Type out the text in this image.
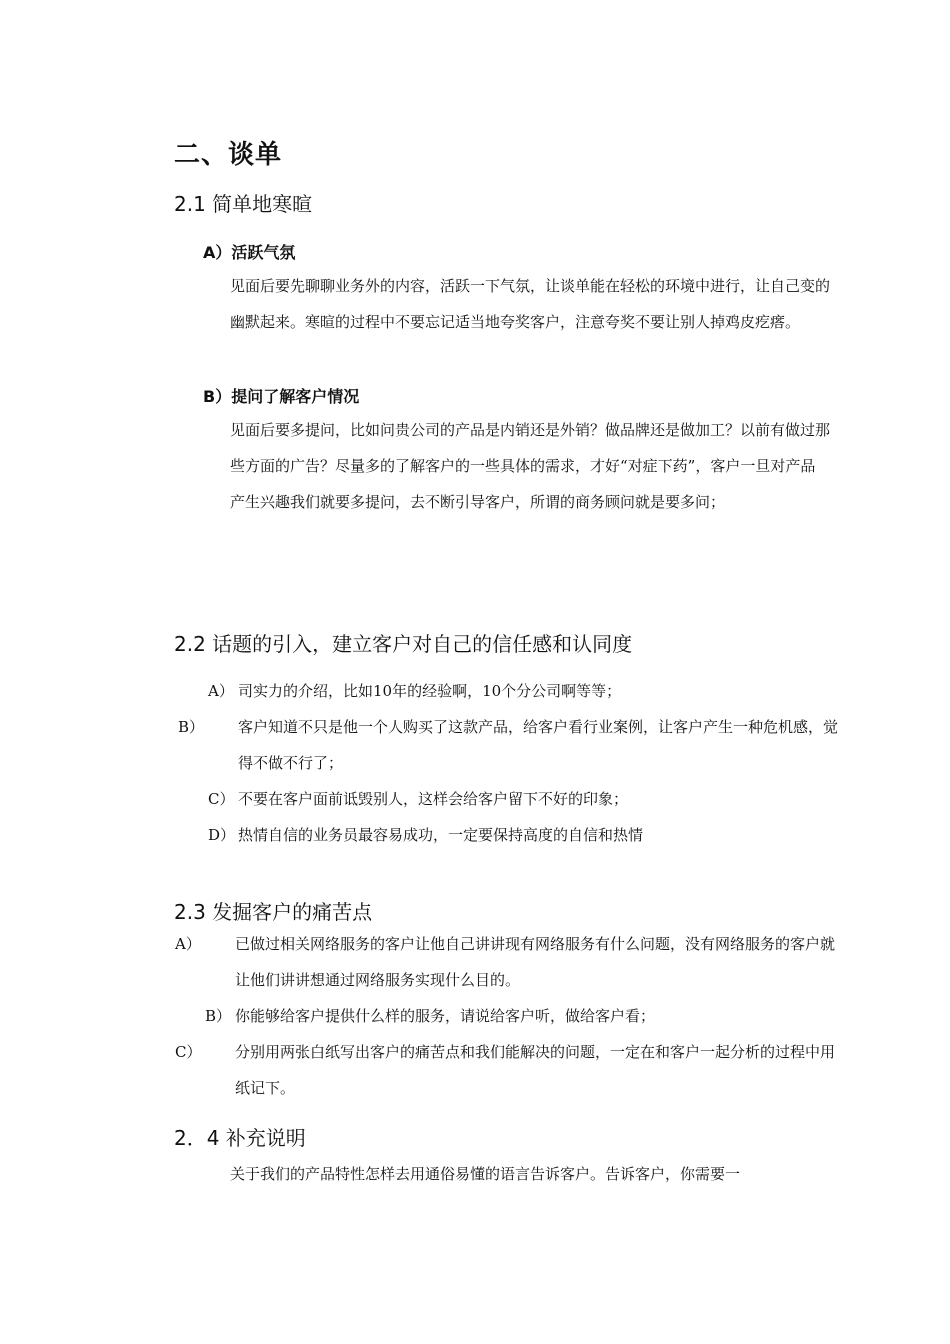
二、谈单
2.1 简单地寒暄
A）活跃气氛

见面后要先聊聊业务外的内容，活跃一下气氛，让谈单能在轻松的环境中进行，让自己变的幽默起来。寒暄的过程中不要忘记适当地夸奖客户，注意夸奖不要让别人掉鸡皮疙瘩。

B）提问了解客户情况

见面后要多提问，比如问贵公司的产品是内销还是外销？做品牌还是做加工？以前有做过那些方面的广告？尽量多的了解客户的一些具体的需求，才好“对症下药”，客户一旦对产品产生兴趣我们就要多提问，去不断引导客户，所谓的商务顾问就是要多问；

2.2 话题的引入，建立客户对自己的信任感和认同度

A） 司实力的介绍，比如10年的经验啊，10个分公司啊等等；

B） 客户知道不只是他一个人购买了这款产品，给客户看行业案例，让客户产生一种危机感，觉得不做不行了；

C） 不要在客户面前诋毁别人，这样会给客户留下不好的印象；

D） 热情自信的业务员最容易成功，一定要保持高度的自信和热情

2.3 发掘客户的痛苦点

A） 已做过相关网络服务的客户让他自己讲讲现有网络服务有什么问题，没有网络服务的客户就让他们讲讲想通过网络服务实现什么目的。

B） 你能够给客户提供什么样的服务，请说给客户听，做给客户看；

C） 分别用两张白纸写出客户的痛苦点和我们能解决的问题，一定在和客户一起分析的过程中用纸记下。

2．4 补充说明

关于我们的产品特性怎样去用通俗易懂的语言告诉客户。告诉客户，你需要一
